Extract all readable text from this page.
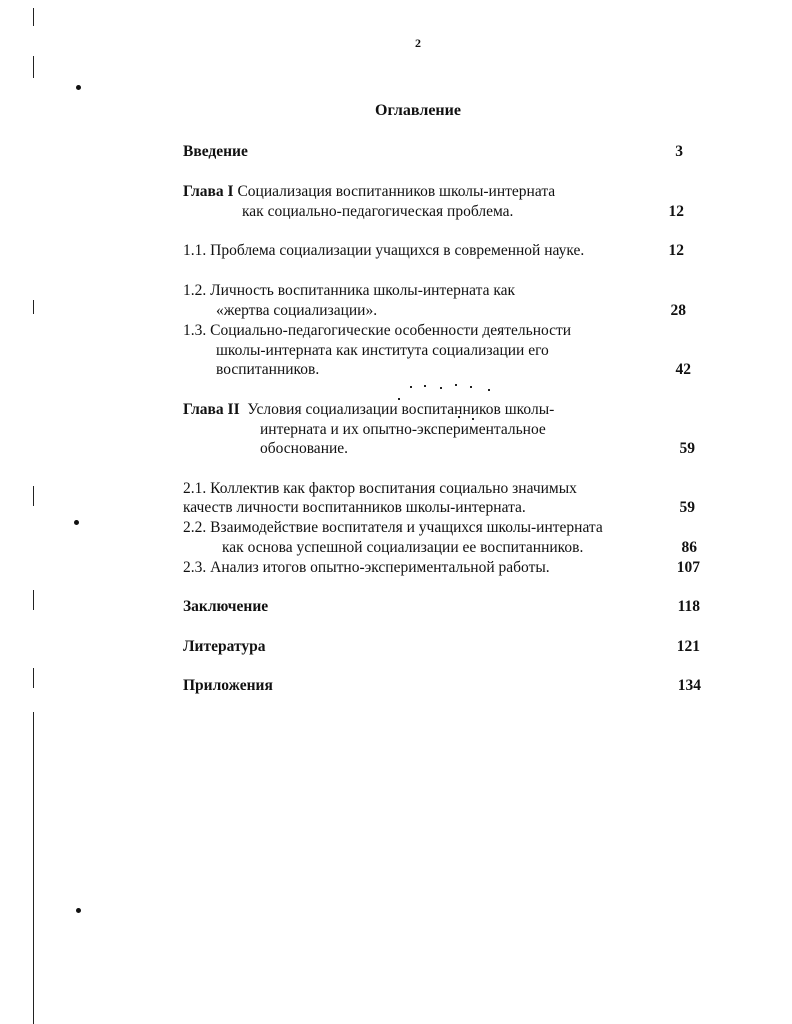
2
Оглавление
Введение	3
Глава I Социализация воспитанников школы-интерната
как социально-педагогическая проблема.	12
1.1. Проблема социализации учащихся в современной науке.	12
1.2. Личность воспитанника школы-интерната как
«жертва социализации».	28
1.3. Социально-педагогические особенности деятельности
школы-интерната как института социализации его
воспитанников.	42
Глава II  Условия социализации воспитанников школы-
интерната и их опытно-экспериментальное
обоснование.	59
2.1. Коллектив как фактор воспитания социально значимых
качеств личности воспитанников школы-интерната.	59
2.2. Взаимодействие воспитателя и учащихся школы-интерната
как основа успешной социализации ее воспитанников.	86
2.3. Анализ итогов опытно-экспериментальной работы.	107
Заключение	118
Литература	121
Приложения	134
